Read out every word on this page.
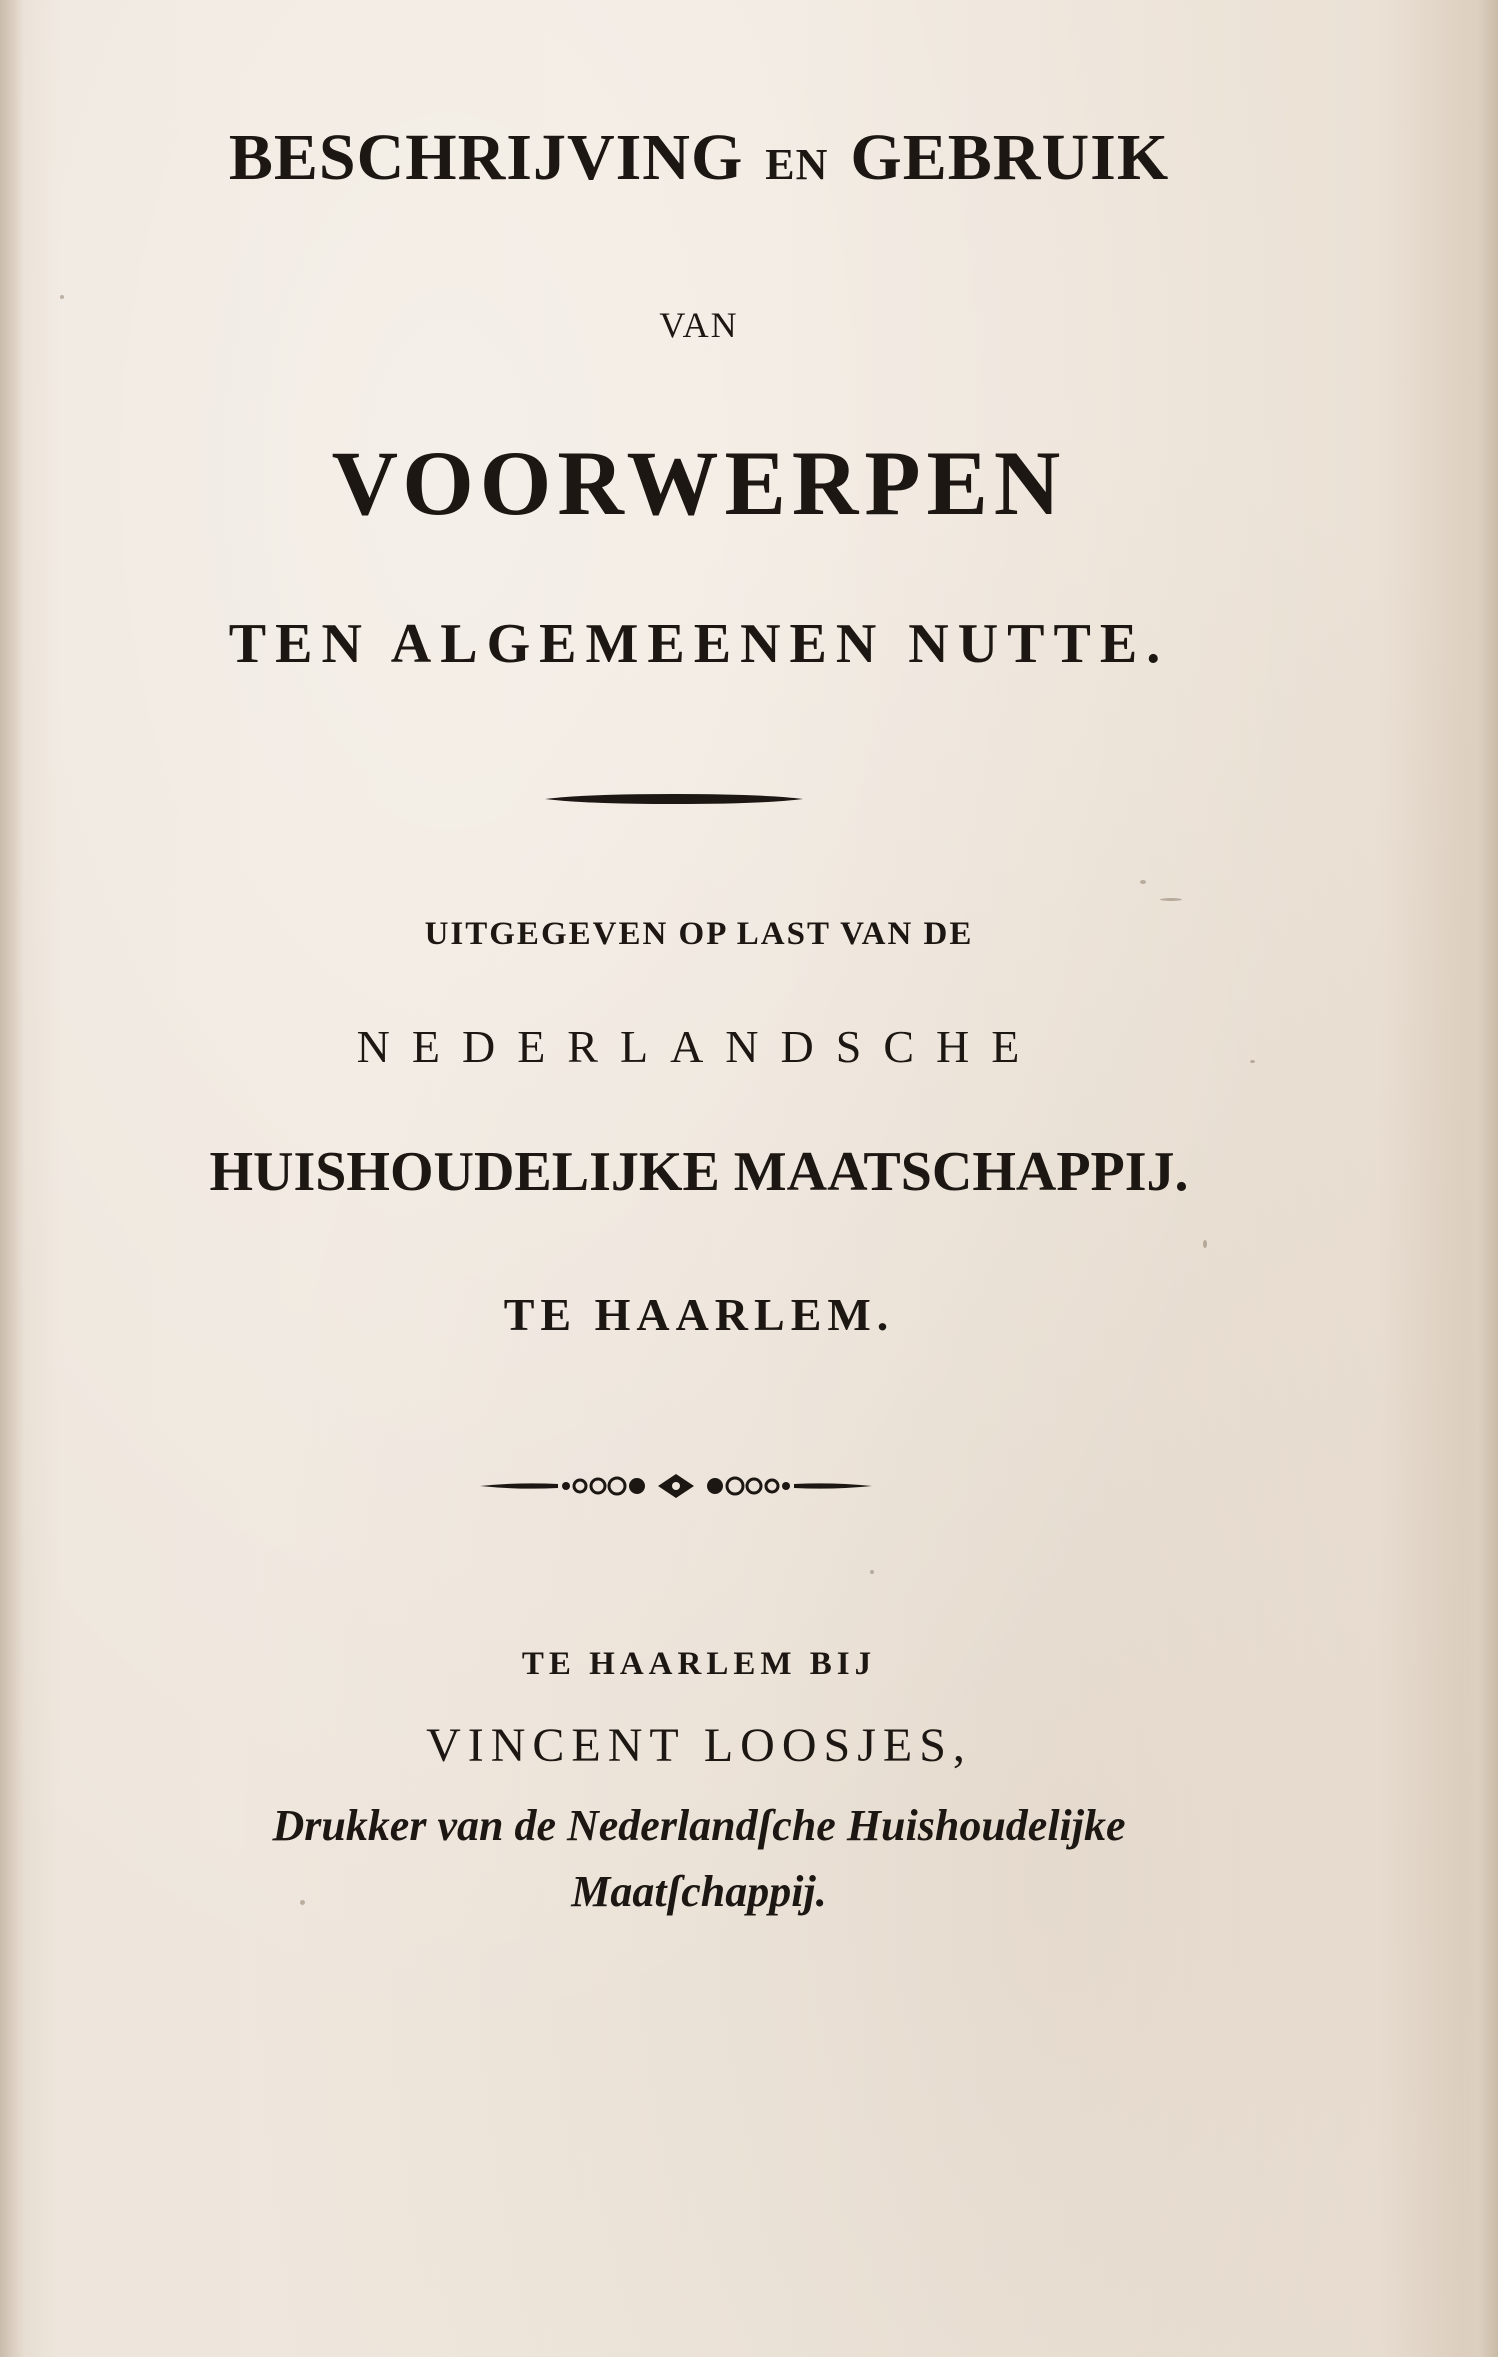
BESCHRIJVING EN GEBRUIK
VAN
VOORWERPEN
TEN ALGEMEENEN NUTTE.
UITGEGEVEN OP LAST VAN DE
NEDERLANDSCHE
HUISHOUDELIJKE MAATSCHAPPIJ.
TE HAARLEM.
TE HAARLEM BIJ
VINCENT LOOSJES,
Drukker van de Nederlandſche Huishoudelijke
Maatſchappij.
